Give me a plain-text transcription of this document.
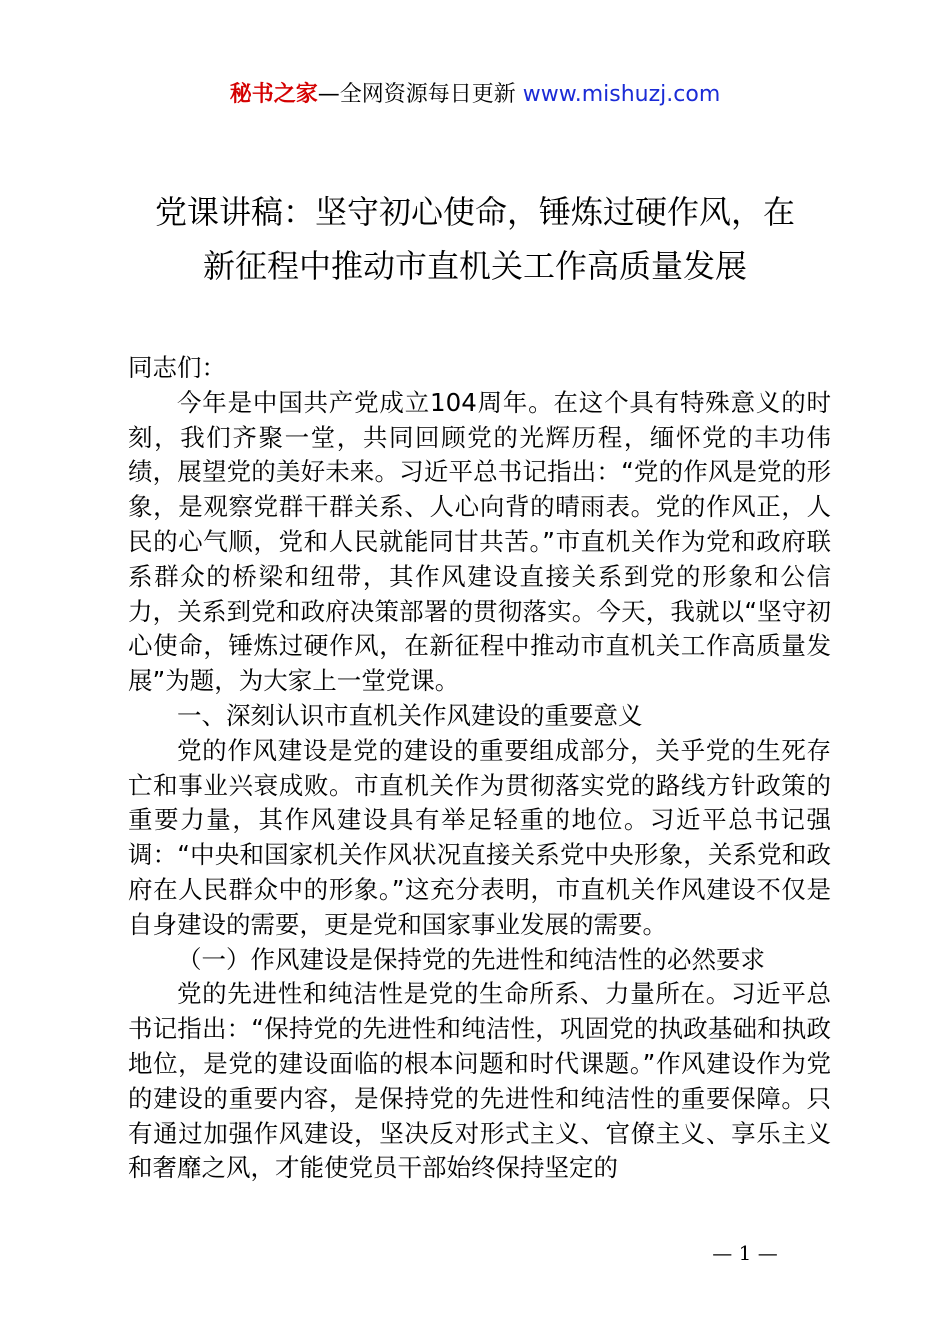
秘书之家—全网资源每日更新 www.mishuzj.com
党课讲稿：坚守初心使命，锤炼过硬作风，在
新征程中推动市直机关工作高质量发展

同志们：

今年是中国共产党成立104周年。在这个具有特殊意义的时刻，我们齐聚一堂，共同回顾党的光辉历程，缅怀党的丰功伟绩，展望党的美好未来。习近平总书记指出：“党的作风是党的形象，是观察党群干群关系、人心向背的晴雨表。党的作风正，人民的心气顺，党和人民就能同甘共苦。”市直机关作为党和政府联系群众的桥梁和纽带，其作风建设直接关系到党的形象和公信力，关系到党和政府决策部署的贯彻落实。今天，我就以“坚守初心使命，锤炼过硬作风，在新征程中推动市直机关工作高质量发展”为题，为大家上一堂党课。

一、深刻认识市直机关作风建设的重要意义

党的作风建设是党的建设的重要组成部分，关乎党的生死存亡和事业兴衰成败。市直机关作为贯彻落实党的路线方针政策的重要力量，其作风建设具有举足轻重的地位。习近平总书记强调：“中央和国家机关作风状况直接关系党中央形象，关系党和政府在人民群众中的形象。”这充分表明，市直机关作风建设不仅是自身建设的需要，更是党和国家事业发展的需要。

（一）作风建设是保持党的先进性和纯洁性的必然要求

党的先进性和纯洁性是党的生命所系、力量所在。习近平总书记指出：“保持党的先进性和纯洁性，巩固党的执政基础和执政地位，是党的建设面临的根本问题和时代课题。”作风建设作为党的建设的重要内容，是保持党的先进性和纯洁性的重要保障。只有通过加强作风建设，坚决反对形式主义、官僚主义、享乐主义和奢靡之风，才能使党员干部始终保持坚定的

— 1 —
